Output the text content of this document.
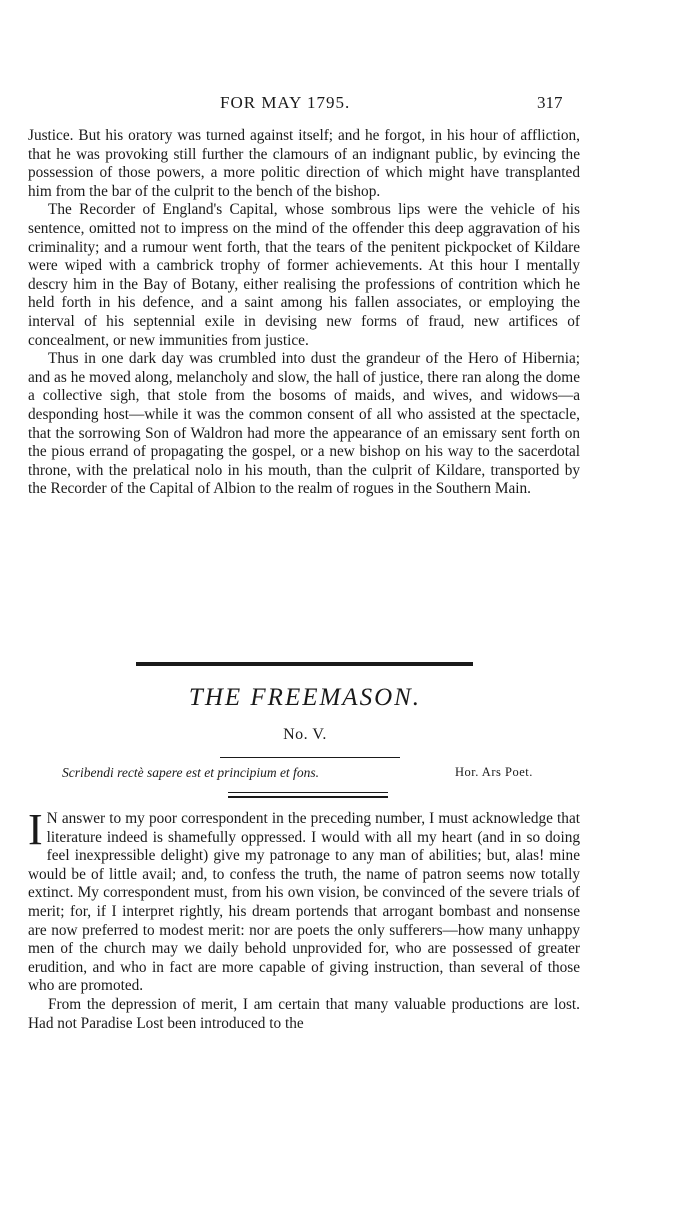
FOR MAY 1795.	317

Justice. But his oratory was turned against itself; and he forgot, in his hour of affliction, that he was provoking still further the clamours of an indignant public, by evincing the possession of those powers, a more politic direction of which might have transplanted him from the bar of the culprit to the bench of the bishop.

The Recorder of England's Capital, whose sombrous lips were the vehicle of his sentence, omitted not to impress on the mind of the offender this deep aggravation of his criminality; and a rumour went forth, that the tears of the penitent pickpocket of Kildare were wiped with a cambrick trophy of former achievements. At this hour I mentally descry him in the Bay of Botany, either realising the professions of contrition which he held forth in his defence, and a saint among his fallen associates, or employing the interval of his septennial exile in devising new forms of fraud, new artifices of concealment, or new immunities from justice.

Thus in one dark day was crumbled into dust the grandeur of the Hero of Hibernia; and as he moved along, melancholy and slow, the hall of justice, there ran along the dome a collective sigh, that stole from the bosoms of maids, and wives, and widows—a desponding host—while it was the common consent of all who assisted at the spectacle, that the sorrowing Son of Waldron had more the appearance of an emissary sent forth on the pious errand of propagating the gospel, or a new bishop on his way to the sacerdotal throne, with the prelatical nolo in his mouth, than the culprit of Kildare, transported by the Recorder of the Capital of Albion to the realm of rogues in the Southern Main.

THE FREEMASON.
No. V.
Scribendi rectè sapere est et principium et fons.	Hor. Ars Poet.

I N answer to my poor correspondent in the preceding number, I must acknowledge that literature indeed is shamefully oppressed. I would with all my heart (and in so doing feel inexpressible delight) give my patronage to any man of abilities; but, alas! mine would be of little avail; and, to confess the truth, the name of patron seems now totally extinct. My correspondent must, from his own vision, be convinced of the severe trials of merit; for, if I interpret rightly, his dream portends that arrogant bombast and nonsense are now preferred to modest merit: nor are poets the only sufferers—how many unhappy men of the church may we daily behold unprovided for, who are possessed of greater erudition, and who in fact are more capable of giving instruction, than several of those who are promoted.

From the depression of merit, I am certain that many valuable productions are lost. Had not Paradise Lost been introduced to the
